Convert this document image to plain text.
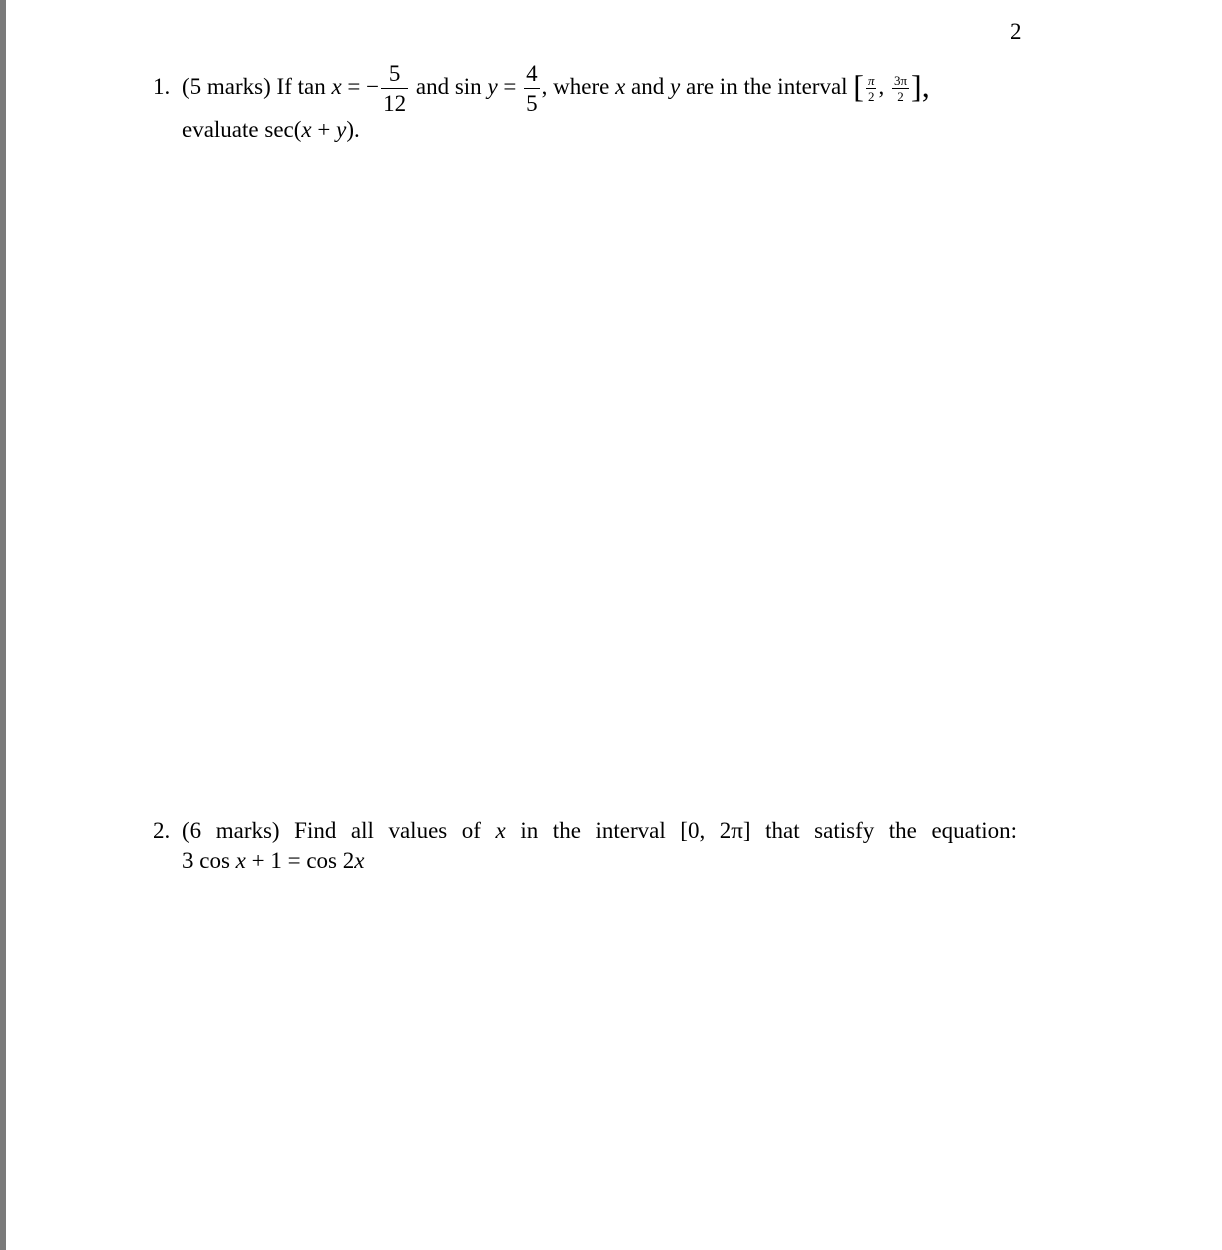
2
1. (5 marks) If tan x = − $\frac{5}{12}$ and $\sin y = \frac{4}{5}$ , where x and y are in the interval [ $\frac{\pi}{2}$ , $\frac{3\pi}{2}$ ],
evaluate sec(x + y).
2. (6 marks) Find all values of x in the interval [0, 2π] that satisfy the equation:
3 cos x + 1 = cos 2x
